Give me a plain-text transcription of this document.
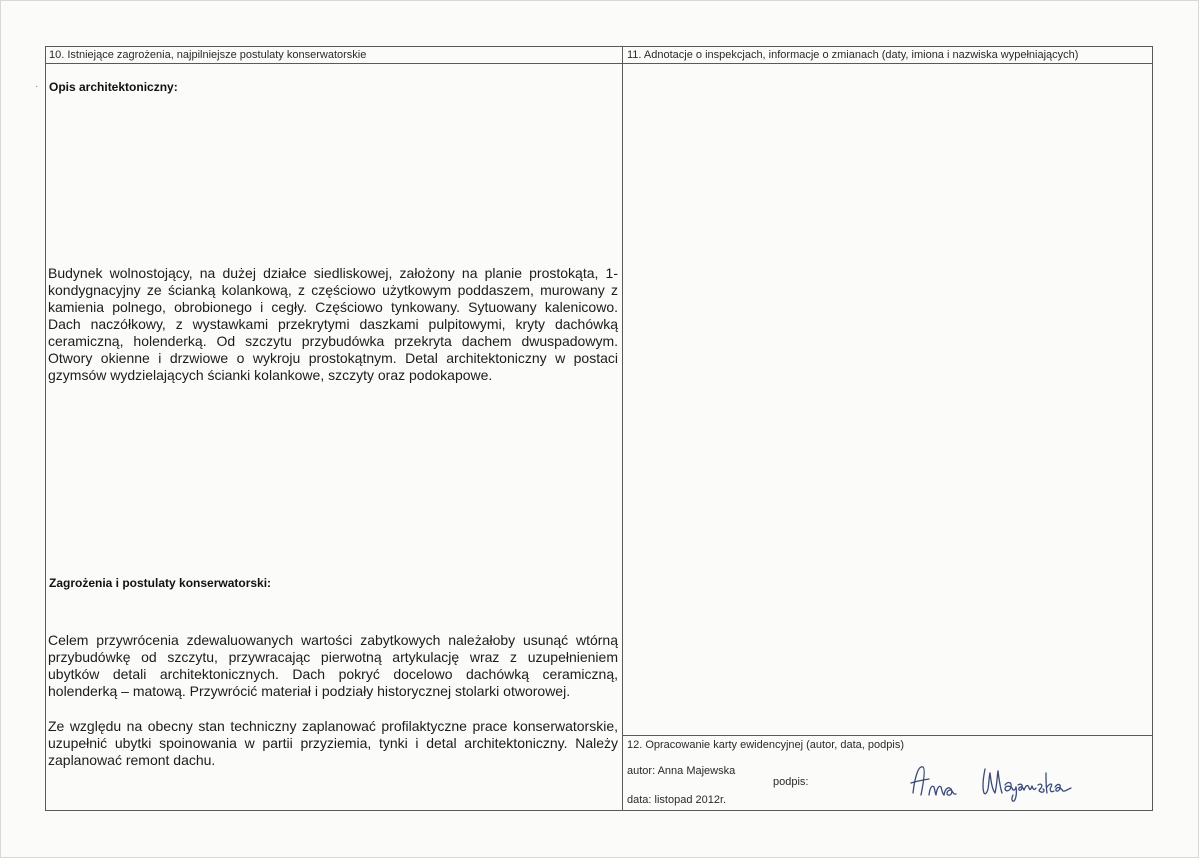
10. Istniejące zagrożenia, najpilniejsze postulaty konserwatorskie
· Opis architektoniczny:
Budynek wolnostojący, na dużej działce siedliskowej, założony na planie prostokąta, 1-kondygnacyjny ze ścianką kolankową, z częściowo użytkowym poddaszem, murowany z kamienia polnego, obrobionego i cegły. Częściowo tynkowany. Sytuowany kalenicowo. Dach naczółkowy, z wystawkami przekrytymi daszkami pulpitowymi, kryty dachówką ceramiczną, holenderką. Od szczytu przybudówka przekryta dachem dwuspadowym. Otwory okienne i drzwiowe o wykroju prostokątnym. Detal architektoniczny w postaci gzymsów wydzielających ścianki kolankowe, szczyty oraz podokapowe.
Zagrożenia i postulaty konserwatorski:
Celem przywrócenia zdewaluowanych wartości zabytkowych należałoby usunąć wtórną przybudówkę od szczytu, przywracając pierwotną artykulację wraz z uzupełnieniem ubytków detali architektonicznych. Dach pokryć docelowo dachówką ceramiczną, holenderką – matową. Przywrócić materiał i podziały historycznej stolarki otworowej.
Ze względu na obecny stan techniczny zaplanować profilaktyczne prace konserwatorskie, uzupełnić ubytki spoinowania w partii przyziemia, tynki i detal architektoniczny. Należy zaplanować remont dachu.
11. Adnotacje o inspekcjach, informacje o zmianach (daty, imiona i nazwiska wypełniających)
12. Opracowanie karty ewidencyjnej (autor, data, podpis)
autor: Anna Majewska
podpis:
data: listopad 2012r.
